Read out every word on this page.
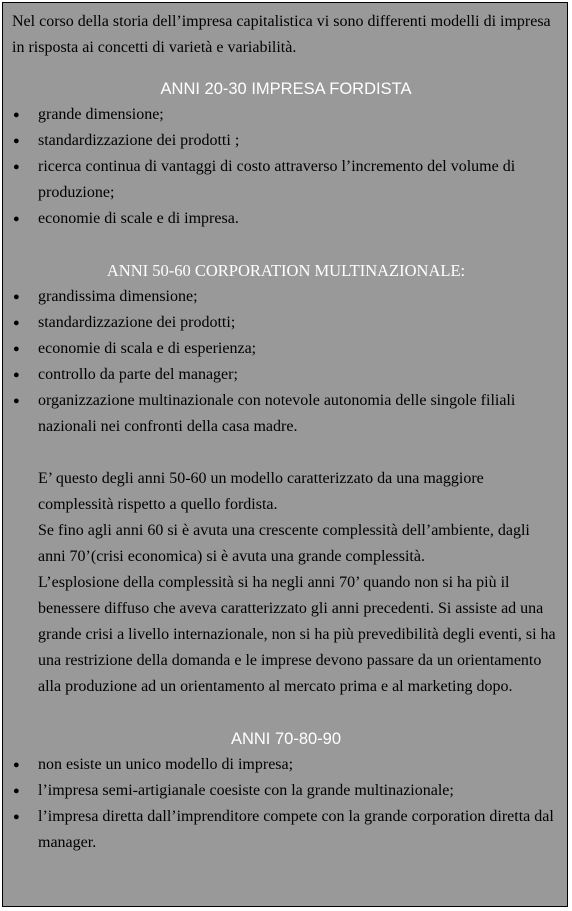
Nel corso della storia dell’impresa capitalistica vi sono differenti modelli di impresa in risposta ai concetti di varietà e variabilità.

ANNI 20-30 IMPRESA FORDISTA

● grande dimensione;
● standardizzazione dei prodotti ;
● ricerca continua di vantaggi di costo attraverso l’incremento del volume di produzione;
● economie di scale e di impresa.

ANNI 50-60 CORPORATION MULTINAZIONALE:

● grandissima dimensione;
● standardizzazione dei prodotti;
● economie di scala e di esperienza;
● controllo da parte del manager;
● organizzazione multinazionale con notevole autonomia delle singole filiali nazionali nei confronti della casa madre.

E’ questo degli anni 50-60 un modello caratterizzato da una maggiore complessità rispetto a quello fordista.

Se fino agli anni 60 si è avuta una crescente complessità dell’ambiente, dagli anni 70’(crisi economica) si è avuta una grande complessità.

L’esplosione della complessità si ha negli anni 70’ quando non si ha più il benessere diffuso che aveva caratterizzato gli anni precedenti. Si assiste ad una grande crisi a livello internazionale, non si ha più prevedibilità degli eventi, si ha una restrizione della domanda e le imprese devono passare da un orientamento alla produzione ad un orientamento al mercato prima e al marketing dopo.

ANNI 70-80-90

● non esiste un unico modello di impresa;
● l’impresa semi-artigianale coesiste con la grande multinazionale;
● l’impresa diretta dall’imprenditore compete con la grande corporation diretta dal manager.
